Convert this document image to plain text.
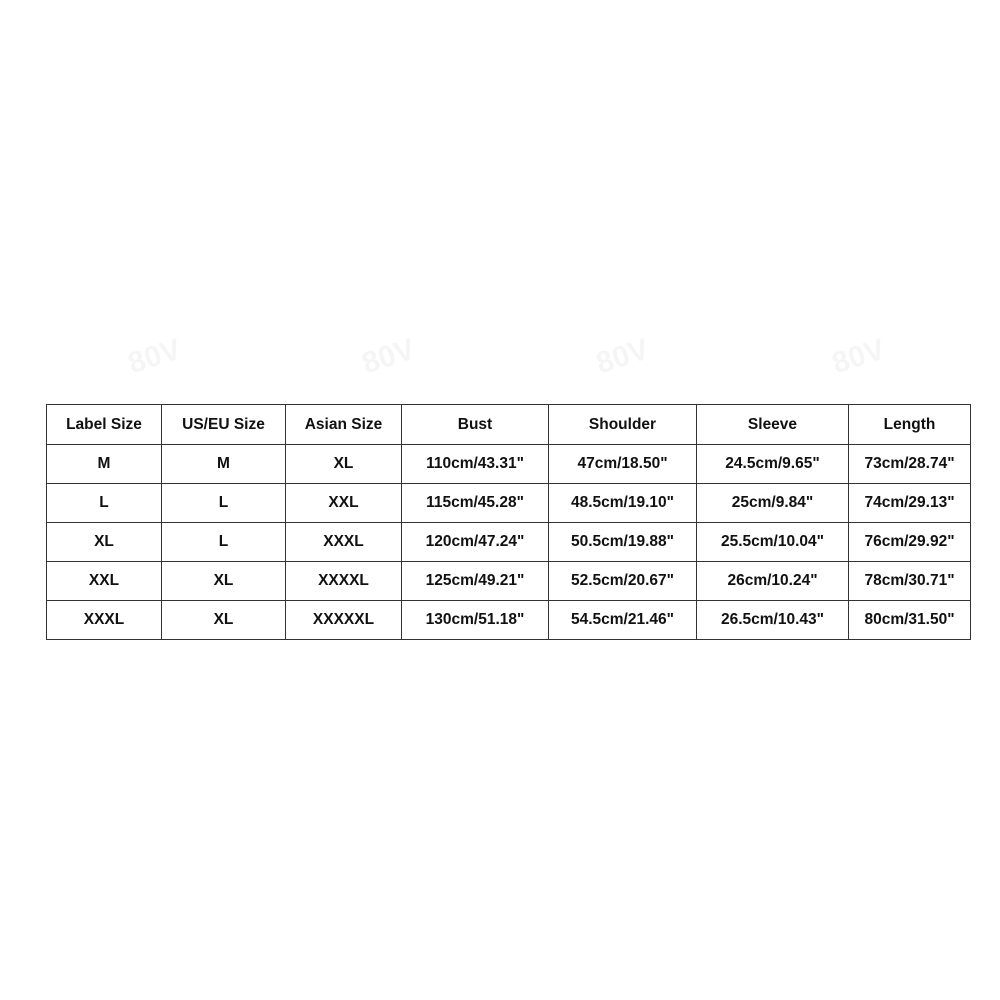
Label Size	US/EU Size	Asian Size	Bust	Shoulder	Sleeve	Length
M	M	XL	110cm/43.31"	47cm/18.50"	24.5cm/9.65"	73cm/28.74"
L	L	XXL	115cm/45.28"	48.5cm/19.10"	25cm/9.84"	74cm/29.13"
XL	L	XXXL	120cm/47.24"	50.5cm/19.88"	25.5cm/10.04"	76cm/29.92"
XXL	XL	XXXXL	125cm/49.21"	52.5cm/20.67"	26cm/10.24"	78cm/30.71"
XXXL	XL	XXXXXL	130cm/51.18"	54.5cm/21.46"	26.5cm/10.43"	80cm/31.50"
